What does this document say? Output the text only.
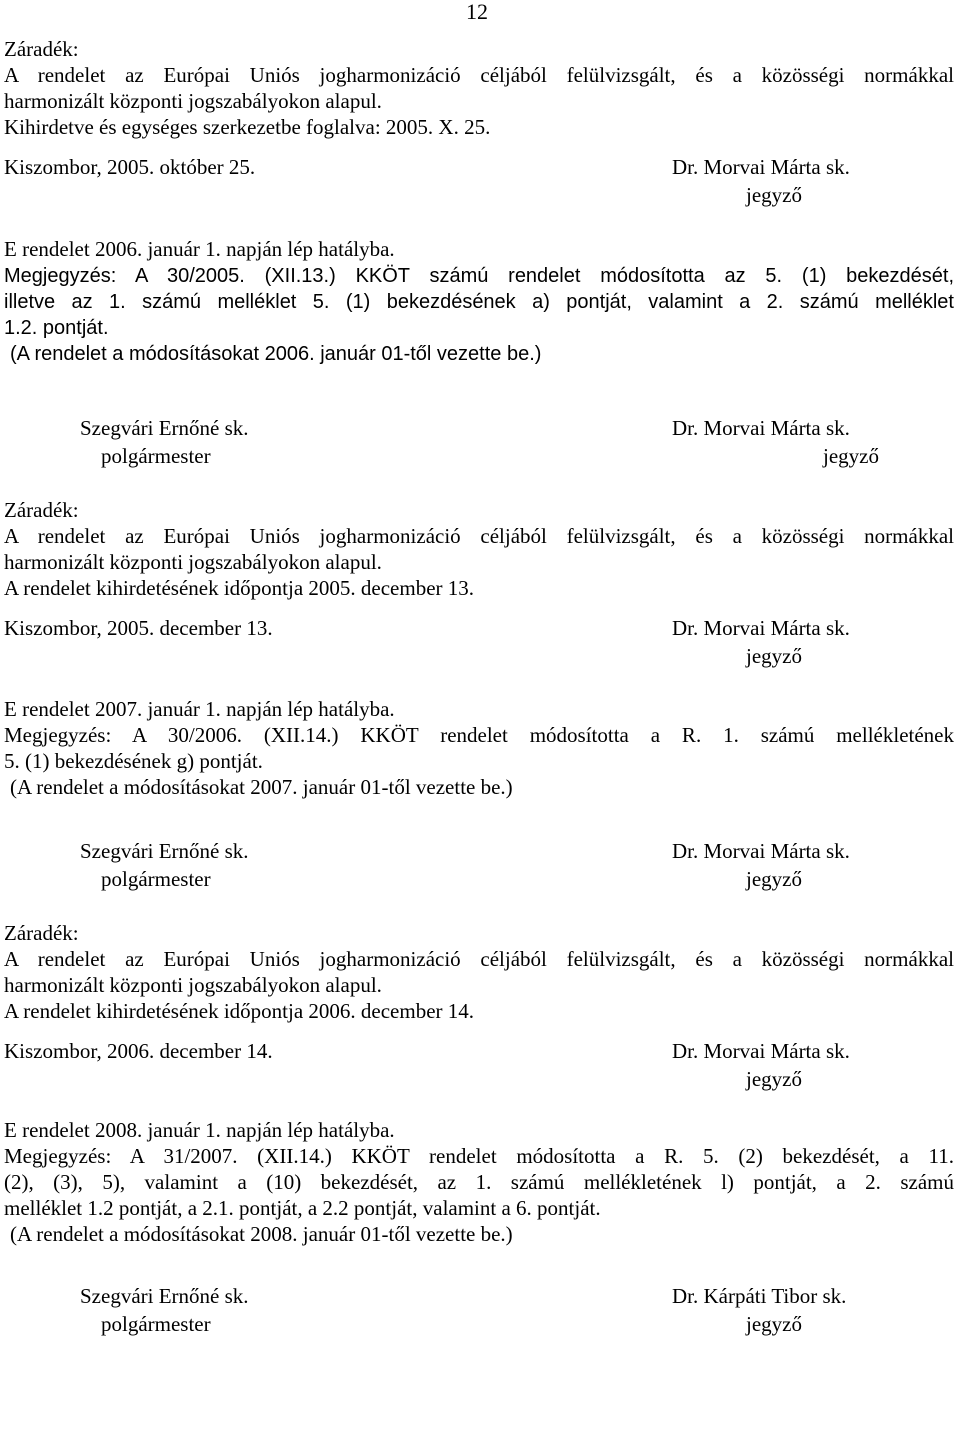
12
Záradék:
A rendelet az Európai Uniós jogharmonizáció céljából felülvizsgált, és a közösségi normákkal
harmonizált központi jogszabályokon alapul.
Kihirdetve és egységes szerkezetbe foglalva: 2005. X. 25.
Kiszombor, 2005. október 25.	Dr. Morvai Márta sk.
jegyző
E rendelet 2006. január 1. napján lép hatályba.
Megjegyzés: A 30/2005. (XII.13.) KKÖT számú rendelet módosította az 5. (1) bekezdését,
illetve az 1. számú melléklet 5. (1) bekezdésének a) pontját, valamint a 2. számú melléklet
1.2. pontját.
(A rendelet a módosításokat 2006. január 01-től vezette be.)
Szegvári Ernőné sk.
polgármester
Dr. Morvai Márta sk.
jegyző
Záradék:
A rendelet az Európai Uniós jogharmonizáció céljából felülvizsgált, és a közösségi normákkal
harmonizált központi jogszabályokon alapul.
A rendelet kihirdetésének időpontja 2005. december 13.
Kiszombor, 2005. december 13.	Dr. Morvai Márta sk.
jegyző
E rendelet 2007. január 1. napján lép hatályba.
Megjegyzés: A 30/2006. (XII.14.) KKÖT rendelet módosította a R. 1. számú mellékletének
5. (1) bekezdésének g) pontját.
(A rendelet a módosításokat 2007. január 01-től vezette be.)
Szegvári Ernőné sk.
polgármester
Dr. Morvai Márta sk.
jegyző
Záradék:
A rendelet az Európai Uniós jogharmonizáció céljából felülvizsgált, és a közösségi normákkal
harmonizált központi jogszabályokon alapul.
A rendelet kihirdetésének időpontja 2006. december 14.
Kiszombor, 2006. december 14.	Dr. Morvai Márta sk.
jegyző
E rendelet 2008. január 1. napján lép hatályba.
Megjegyzés: A 31/2007. (XII.14.) KKÖT rendelet módosította a R. 5. (2) bekezdését, a 11.
(2), (3), 5), valamint a (10) bekezdését, az 1. számú mellékletének l) pontját, a 2. számú
melléklet 1.2 pontját, a 2.1. pontját, a 2.2 pontját, valamint a 6. pontját.
(A rendelet a módosításokat 2008. január 01-től vezette be.)
Szegvári Ernőné sk.
polgármester
Dr. Kárpáti Tibor sk.
jegyző
